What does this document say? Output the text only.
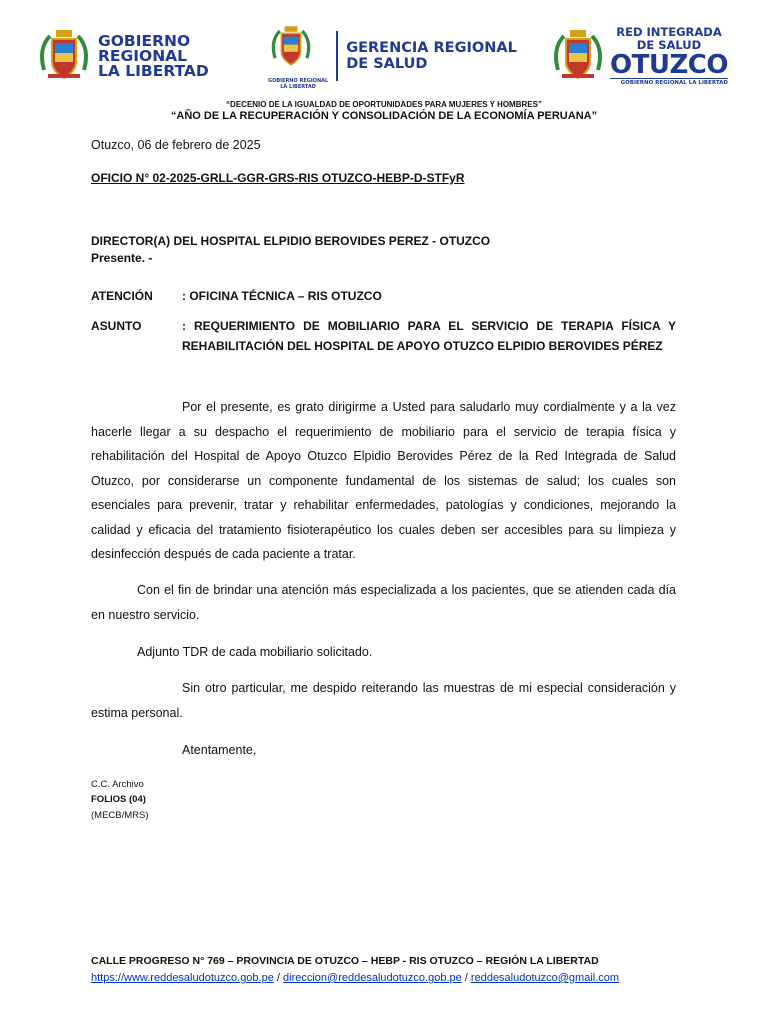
GOBIERNO
REGIONAL
LA LIBERTAD
GOBIERNO REGIONAL
LA LIBERTAD
GERENCIA REGIONAL
DE SALUD
RED INTEGRADA
DE SALUD
OTUZCO
GOBIERNO REGIONAL LA LIBERTAD
“DECENIO DE LA IGUALDAD DE OPORTUNIDADES PARA MUJERES Y HOMBRES”
“AÑO DE LA RECUPERACIÓN Y CONSOLIDACIÓN DE LA ECONOMÍA PERUANA”
Otuzco, 06 de febrero de 2025
OFICIO N° 02-2025-GRLL-GGR-GRS-RIS OTUZCO-HEBP-D-STFyR
DIRECTOR(A) DEL HOSPITAL ELPIDIO BEROVIDES PEREZ - OTUZCO
Presente. -
ATENCIÓN	: OFICINA TÉCNICA – RIS OTUZCO
ASUNTO	: REQUERIMIENTO DE MOBILIARIO PARA EL SERVICIO DE TERAPIA FÍSICA Y REHABILITACIÓN DEL HOSPITAL DE APOYO OTUZCO ELPIDIO BEROVIDES PÉREZ
Por el presente, es grato dirigirme a Usted para saludarlo muy cordialmente y a la vez hacerle llegar a su despacho el requerimiento de mobiliario para el servicio de terapia física y rehabilitación del Hospital de Apoyo Otuzco Elpidio Berovides Pérez de la Red Integrada de Salud Otuzco, por considerarse un componente fundamental de los sistemas de salud; los cuales son esenciales para prevenir, tratar y rehabilitar enfermedades, patologías y condiciones, mejorando la calidad y eficacia del tratamiento fisioterapéutico los cuales deben ser accesibles para su limpieza y desinfección después de cada paciente a tratar.
Con el fin de brindar una atención más especializada a los pacientes, que se atienden cada día en nuestro servicio.
Adjunto TDR de cada mobiliario solicitado.
Sin otro particular, me despido reiterando las muestras de mi especial consideración y estima personal.
Atentamente,
C.C. Archivo
FOLIOS (04)
(MECB/MRS)
CALLE PROGRESO N° 769 – PROVINCIA DE OTUZCO – HEBP - RIS OTUZCO – REGIÓN LA LIBERTAD
https://www.reddesaludotuzco.gob.pe / direccion@reddesaludotuzco.gob.pe / reddesaludotuzco@gmail.com
